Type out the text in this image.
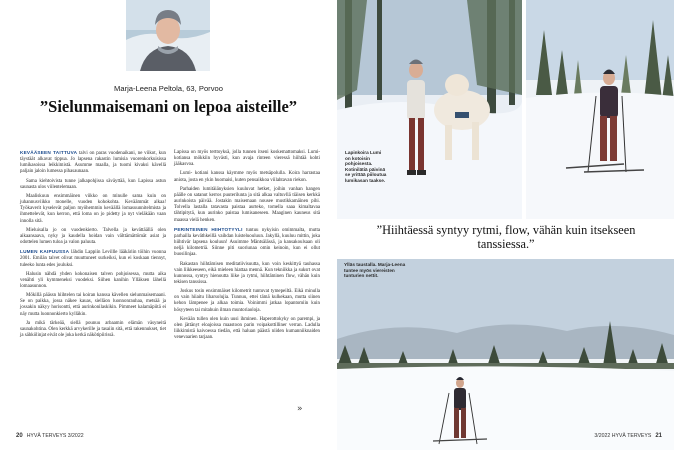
Marja-Leena Peltola, 63, Porvoo
”Sielunmaisemani on lepoa aisteille”

KEVÄÄSEEN TAITTUVA talvi on paras vuodenaikani, ne viikot, kun täystäät alkavat tippua. Jo lapsena rakastin lumisia vuorenkorkuisissa lumikasoissa leikkimistä. Asumme maalla, ja tuomi kivaksi kävellä paljain jaloin lumessa pihasaunaan.

Sama kiehtoivista tunne jalkapohjissa säväyttää, kun Lapissa astun saunasta ulos viilentelemaan.

Maaliskuun ensimmäinen viikko on minulle sama kuin on juhannusviikko monelle, vuoden kohokohta. Keväämmät alkaa! Työkaverit kyselevät paljon myöhemmin keväällä lomasuunnitelmista ja ihmettelevät, kun kerron, että loma on jo pidetty ja nyt vieläkään vaan innolla sitä.

Mieluisalla jo on vuodenkierto. Talvella ja kevättäällä olen aikaansaava, nyky ja kaudella hoidan vain välttämättömät asiat ja odottelen lumen tuloa ja valon paluuta.

LUMEN KAIPUUSSA lähdin Lappiin Levillle lääkäriin töihin vuonna 2001. Emilän talvet olivat muuttuneet surkeiksi, kun ei koskaan tiennyt, tuleeko lunta edes jouluksi.

Halusin nähdä yhden kokonaisen talven pohjoisessa, mutta aika venähti yli kymmeneksi vuodeksi. Siihen kanihin Ylläksen lähellä lomaasunnon.

Mökillä päässn hiihtelen tai koiran kanssa kävellen sielunmaisemaani. Se on paikka, jossa näkee kauas, sielläon luonnonrauhaa, metsää ja jossakin näkyy horisontti, että aurinkonilaskikin. Pimmeet kalamäpiitä ei näy mutta luonnonkierto kylläkin.

Ja mikä tärkeää, siellä pounuu arbaamin elämän väsyneitä saunakohtina. Olen kerkkä arvykerille ja tasaiin sitä, että rakennukset, tiet ja sähkölinjat eivät ole joka kerkä näkötipiirissä.

Lapissa on myös terttoyksä, jolla tunnen itseni koskemattomaksi. Lumi-kotiansa mökkiin hyvästi, kun avaja rinteen vieressä hiihtää kohti jääkasvoa.

Lumi- kotiani kanssa käymme myös metsäpolulla. Koira harrastaa aniota, josta en ykin huomaisi, kuten pensaikkoa viilahtavan riekon.

Parhaiden lumitäiänyksien kuuluvat hetket, joihin vanhan hangen päälle on satanut kerros puuterilunta ja sitä alkaa valtuvllä tiäisen kerkkä aurinkoista päivää. Jostakin maisemaan nousee mustikkamäinen pihi. Tolvella lastalla tatavasta paistaa aurteko, tomella saaa kimaltavaa tähtipitytä, kun aurinko paistaa lumisaneseen. Maaginen kauneus sitä maassa vielä henken.

PERINTEINEN HIIHTOTYYLI tuntuu nykyisin omimmalta, mutta parhailla keväthkeillä vaihdan luisteluouluun. Jakyllä, kuuluu mittin, joka hiihtivär lapsena kouluun! Asuimme Mäntsälässä, ja kansakoulsaan oli neljä kilometriä. Siinne piti suoriunaa omin keinoin, kun ei ollut buosilinjaa.

Rakastan hiihtämisen meditatiivisuutta, kun voin keskittyä tauhassa vain liikkeeseen, eikä mieleen hiattaa mennä. Kun tekniikka ja suksrt ovat kunnossa, syntyy hienoutta liike ja rytmi, hiihtäminen flow, vähän kuin tekisen tanssissa.

Joskus tosin ensimmäiset kilometrit tuntuvat tymepeiltä. Eikä minulla on vain hiiaitu liharsolujia. Tunnuu, ettei tämä kulkekaan, mutta siinen kehon lämpenee ja alkaa toimia. Voinimmi jatkaa lopantomiin kuin hösyyteen tai mitahuin ilman muntoriaoloja.

Kevään tullen olen kuin uusi ihminen. Haperottokyky on parempi, ja olen jättänyt eloajoissa maastoon parin voipakottilliner verran. Ladulla liikkimistä kaivoessa tiedän, että haluan päästä niiden kumanniiknaiden venevaarien tarjaan.

»
20 HYVÄ TERVEYS 3/2022
Lapinkoira Lumi on kotoisin pohjoisesta. Kotinilätiä päivinä se yrittää piiloutua lumikasan taakse.
”Hiihtäessä syntyy rytmi, flow, vähän kuin itsekseen tanssiessa.”
Ylläs taustalla. Marja-Leena tuntee myös viereisten tunturien nettit.
3/2022 HYVÄ TERVEYS 21
